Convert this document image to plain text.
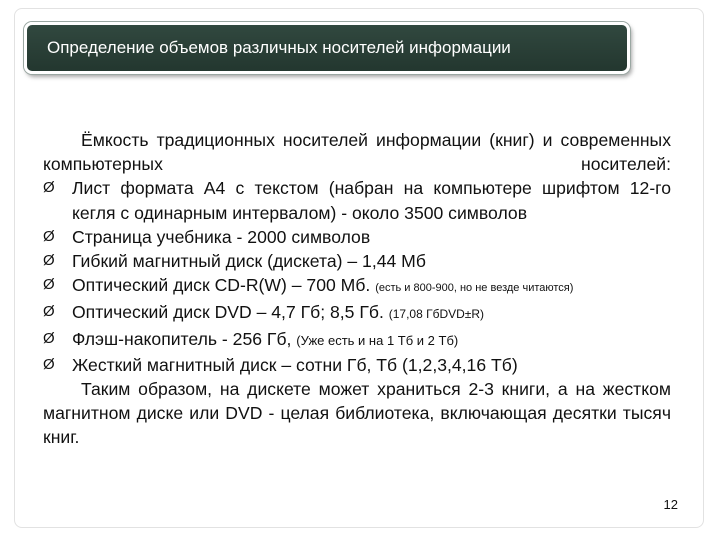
Определение объемов различных носителей информации

Ёмкость традиционных носителей информации (книг) и современных компьютерных носителей:

Ø Лист формата А4 с текстом (набран на компьютере шрифтом 12-го кегля с одинарным интервалом) - около 3500 символов
Ø Страница учебника - 2000 символов
Ø Гибкий магнитный диск (дискета) – 1,44 Мб
Ø Оптический диск CD-R(W) – 700 Мб. (есть и 800-900, но не везде читаются)
Ø Оптический диск DVD – 4,7 Гб; 8,5 Гб. (17,08 ГбDVD±R)
Ø Флэш-накопитель - 256 Гб, (Уже есть и на 1 Тб и 2 Тб)
Ø Жесткий магнитный диск – сотни Гб, Тб (1,2,3,4,16 Тб)

Таким образом, на дискете может храниться 2-3 книги, а на жестком магнитном диске или DVD - целая библиотека, включающая десятки тысяч книг.

12
